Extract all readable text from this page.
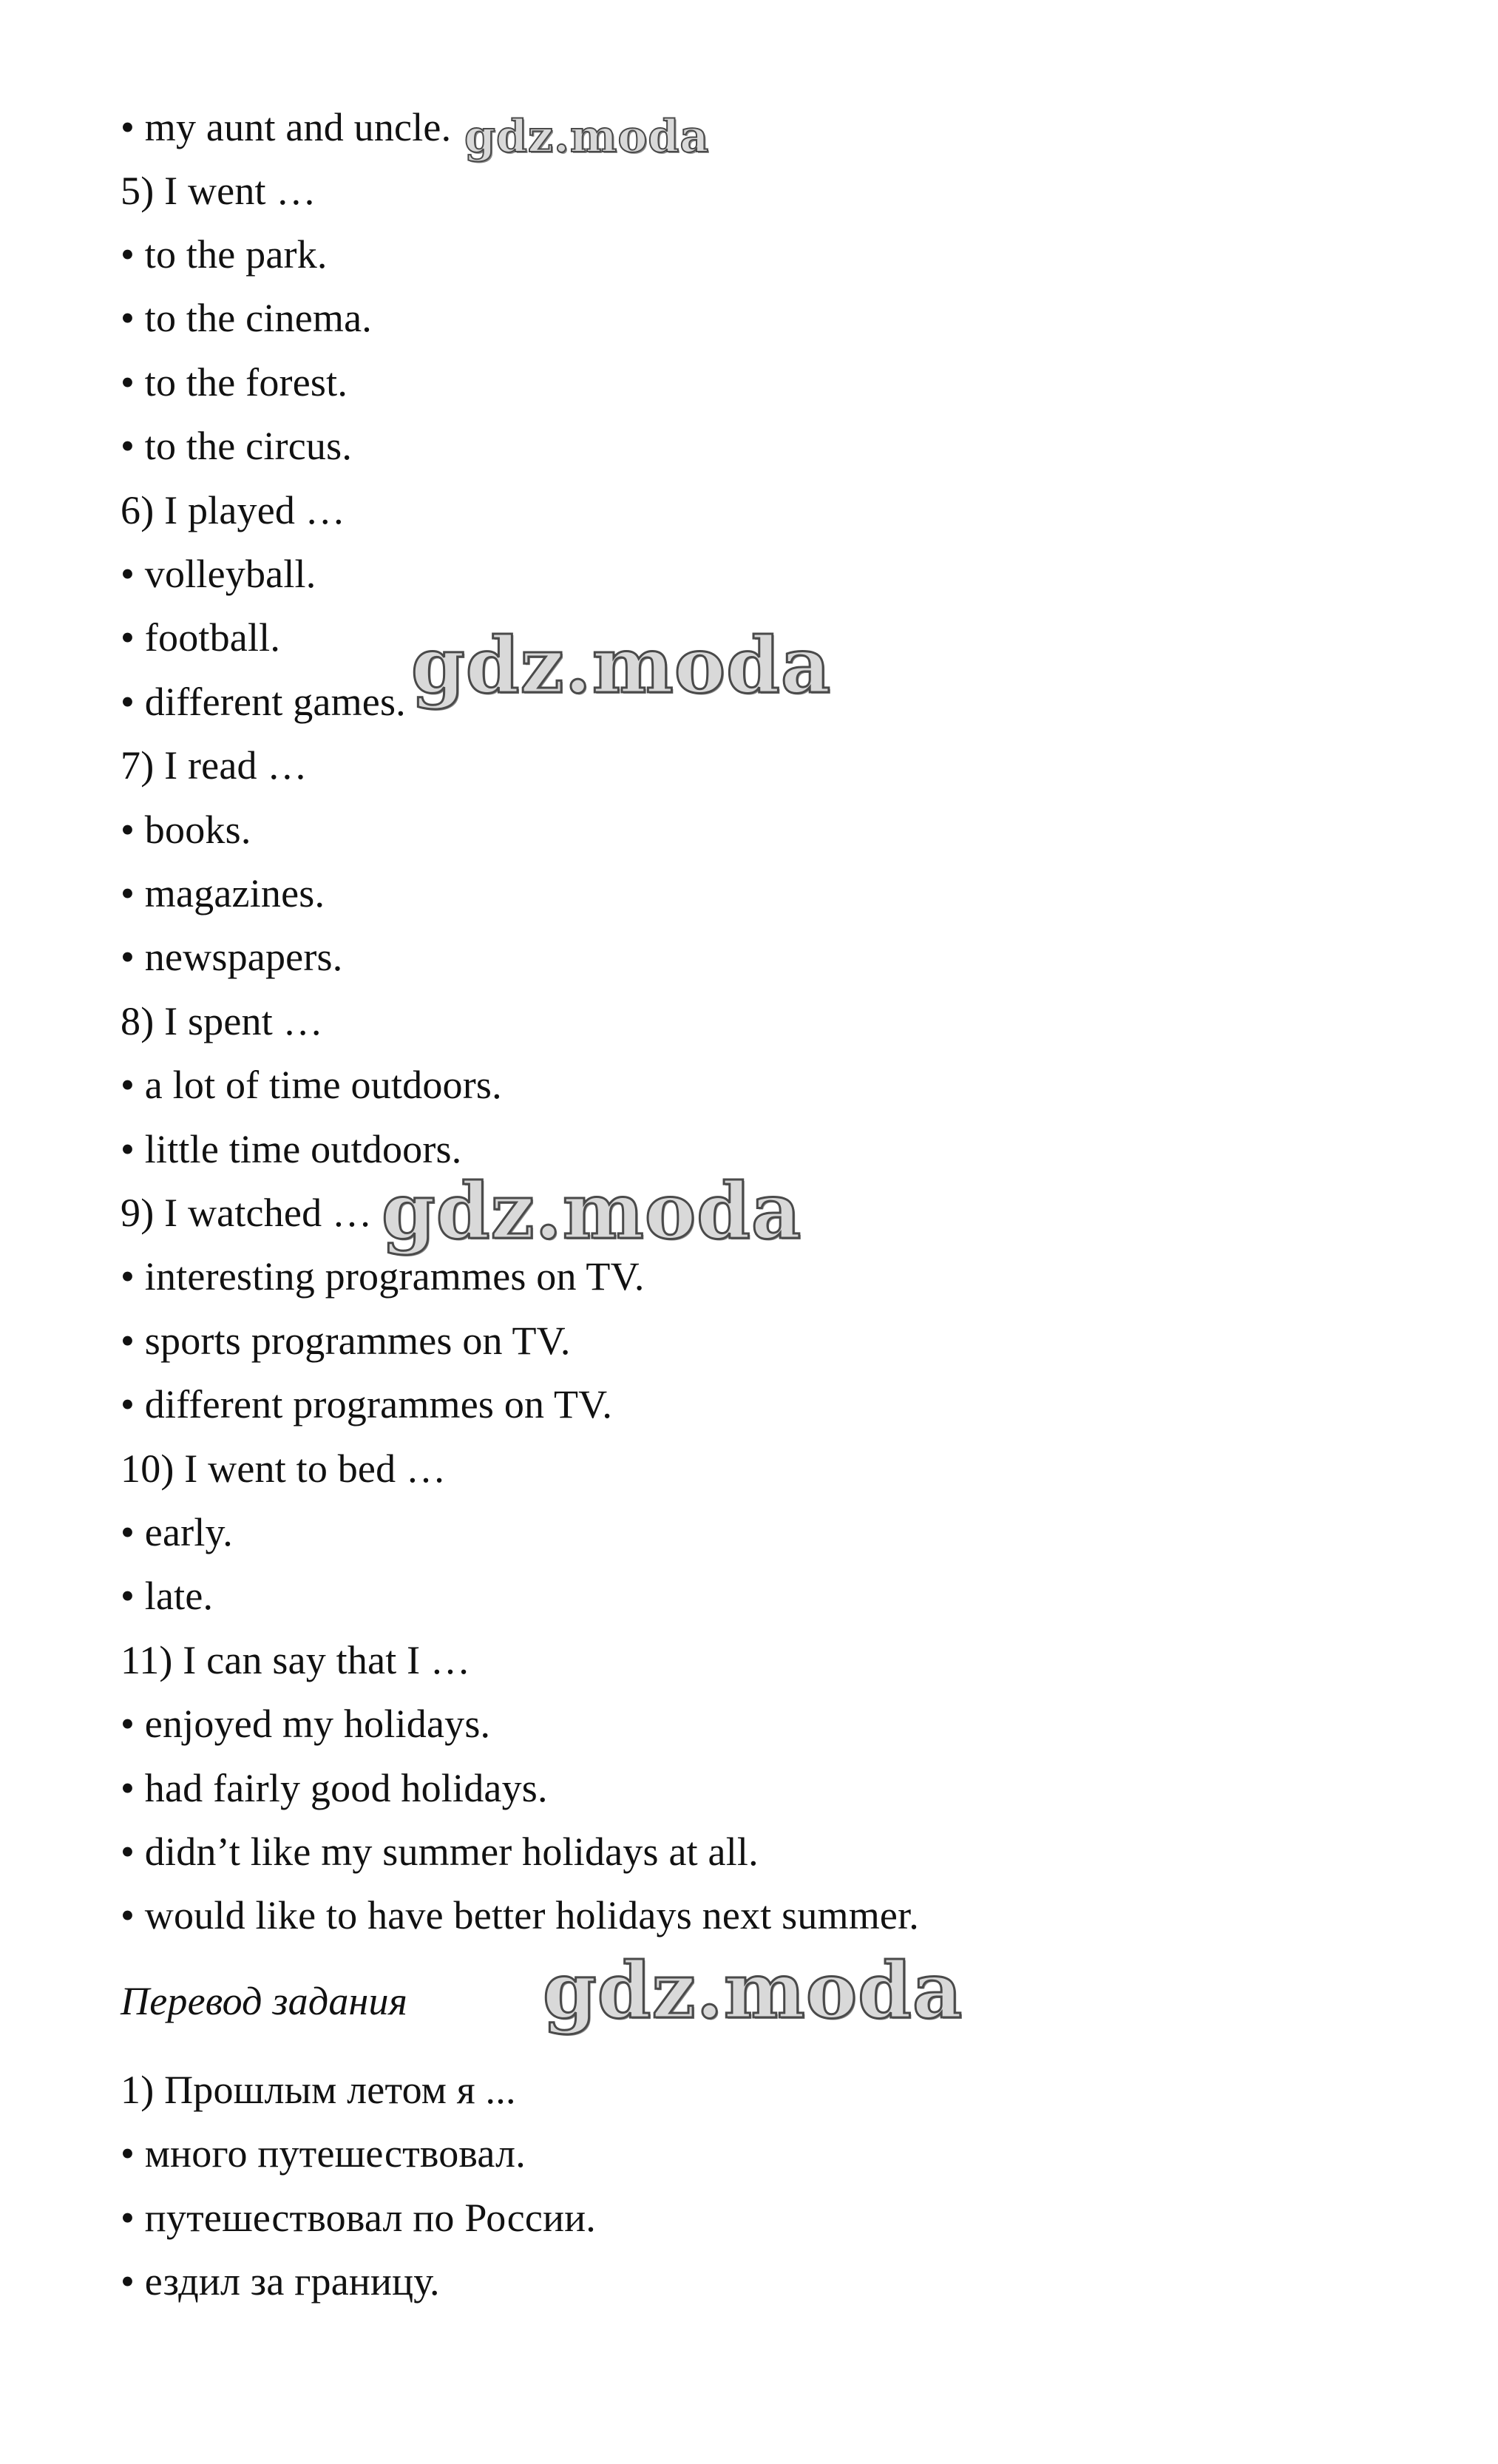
• my aunt and uncle.
5) I went …
• to the park.
• to the cinema.
• to the forest.
• to the circus.
6) I played …
• volleyball.
• football.
• different games.
7) I read …
• books.
• magazines.
• newspapers.
8) I spent …
• a lot of time outdoors.
• little time outdoors.
9) I watched …
• interesting programmes on TV.
• sports programmes on TV.
• different programmes on TV.
10) I went to bed …
• early.
• late.
11) I can say that I …
• enjoyed my holidays.
• had fairly good holidays.
• didn’t like my summer holidays at all.
• would like to have better holidays next summer.
Перевод задания
1) Прошлым летом я ...
• много путешествовал.
• путешествовал по России.
• ездил за границу.
gdz.moda
gdz.moda
gdz.moda
gdz.moda
